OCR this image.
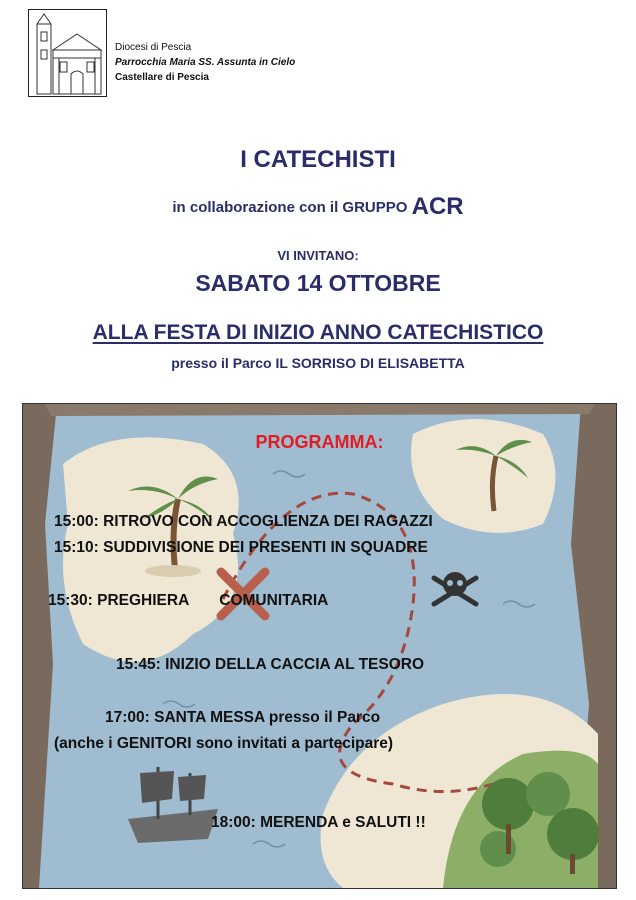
Diocesi di Pescia
Parrocchia Maria SS. Assunta in Cielo
Castellare di Pescia
I CATECHISTI
in collaborazione con il GRUPPO ACR
VI INVITANO:
SABATO 14 OTTOBRE
ALLA FESTA DI INIZIO ANNO CATECHISTICO
presso il Parco IL SORRISO DI ELISABETTA
PROGRAMMA:
15:00: RITROVO CON ACCOGLIENZA DEI RAGAZZI
15:10: SUDDIVISIONE DEI PRESENTI IN SQUADRE
15:30: PREGHIERA COMUNITARIA
15:45: INIZIO DELLA CACCIA AL TESORO
17:00: SANTA MESSA presso il Parco
(anche i GENITORI sono invitati a partecipare)
18:00: MERENDA e SALUTI !!
